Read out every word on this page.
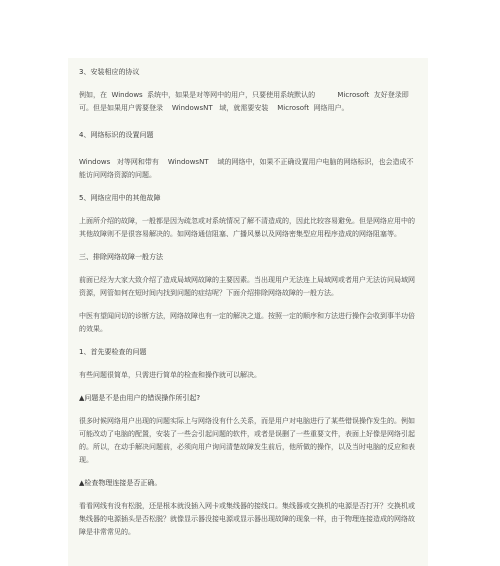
3、安装相应的协议

例如，在  Windows  系统中，如果是对等网中的用户，只要使用系统默认的          Microsoft  友好登录即可。但是如果用户需要登录    WindowsNT   域，就需要安装    Microsoft  网络用户。

4、网络标识的设置问题

Windows   对等网和带有    WindowsNT    域的网络中，如果不正确设置用户电脑的网络标识，也会造成不能访问网络资源的问题。

5、网络应用中的其他故障

上面所介绍的故障，一般都是因为疏忽或对系统情况了解不清造成的，因此比较容易避免。但是网络应用中的其他故障则不是很容易解决的。如网络通信阻塞、广播风暴以及网络密集型应用程序造成的网络阻塞等。

三、排除网络故障一般方法

前面已经为大家大致介绍了造成局域网故障的主要因素。当出现用户无法连上局域网或者用户无法访问局域网资源，网管如何在短时间内找到问题的症结呢？下面介绍排除网络故障的一般方法。

中医有望闻问切的诊断方法，网络故障也有一定的解决之道。按照一定的顺序和方法进行操作会收到事半功倍的效果。

1、首先要检查的问题

有些问题很简单，只需进行简单的检查和操作就可以解决。

▲问题是不是由用户的错误操作所引起?

很多时候网络用户出现的问题实际上与网络没有什么关系，而是用户对电脑进行了某些错误操作发生的。例如可能改动了电脑的配置，安装了一些会引起问题的软件，或者是误删了一些重要文件，表面上好像是网络引起的。所以，在动手解决问题前，必须向用户询问清楚故障发生前后，他所做的操作，以及当时电脑的反应和表现。

▲检查物理连接是否正确。

看看网线有没有松脱，还是根本就没插入网卡或集线器的接线口。集线器或交换机的电源是否打开？交换机或集线器的电源插头是否松脱？就像显示器没接电源或显示器出现故障的现象一样，由于物理连接造成的网络故障是非常常见的。
